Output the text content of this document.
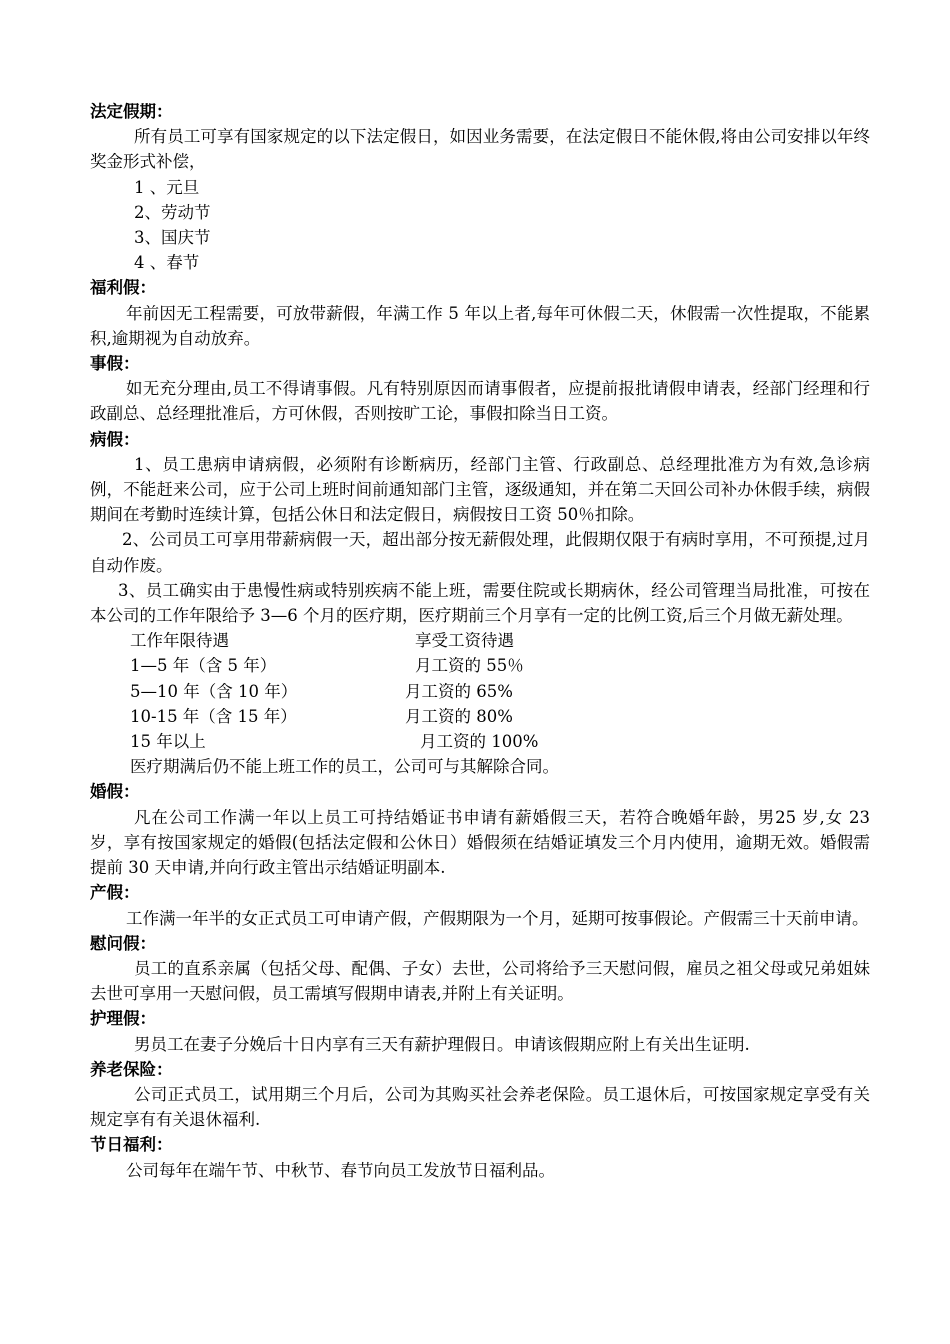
法定假期：
所有员工可享有国家规定的以下法定假日，如因业务需要，在法定假日不能休假,将由公司安排以年终奖金形式补偿，
1 、元旦
2、劳动节
3、国庆节
4 、春节
福利假：
年前因无工程需要，可放带薪假，年满工作 5 年以上者,每年可休假二天，休假需一次性提取，不能累积,逾期视为自动放弃。
事假：
如无充分理由,员工不得请事假。凡有特别原因而请事假者，应提前报批请假申请表，经部门经理和行政副总、总经理批准后，方可休假，否则按旷工论，事假扣除当日工资。
病假：
1、员工患病申请病假，必须附有诊断病历，经部门主管、行政副总、总经理批准方为有效,急诊病例，不能赶来公司，应于公司上班时间前通知部门主管，逐级通知，并在第二天回公司补办休假手续，病假期间在考勤时连续计算，包括公休日和法定假日，病假按日工资 50％扣除。
2、公司员工可享用带薪病假一天，超出部分按无薪假处理，此假期仅限于有病时享用，不可预提,过月自动作废。
3、员工确实由于患慢性病或特别疾病不能上班，需要住院或长期病休，经公司管理当局批准，可按在本公司的工作年限给予 3—6 个月的医疗期，医疗期前三个月享有一定的比例工资,后三个月做无薪处理。
工作年限待遇	享受工资待遇
1—5 年（含 5 年）	月工资的 55％
5—10 年（含 10 年）	月工资的 65%
10-15 年（含 15 年）	月工资的 80%
15 年以上	月工资的 100%
医疗期满后仍不能上班工作的员工，公司可与其解除合同。
婚假：
凡在公司工作满一年以上员工可持结婚证书申请有薪婚假三天，若符合晚婚年龄，男25 岁,女 23 岁，享有按国家规定的婚假(包括法定假和公休日）婚假须在结婚证填发三个月内使用，逾期无效。婚假需提前 30 天申请,并向行政主管出示结婚证明副本.
产假：
工作满一年半的女正式员工可申请产假，产假期限为一个月，延期可按事假论。产假需三十天前申请。
慰问假：
员工的直系亲属（包括父母、配偶、子女）去世，公司将给予三天慰问假，雇员之祖父母或兄弟姐妹去世可享用一天慰问假，员工需填写假期申请表,并附上有关证明。
护理假：
男员工在妻子分娩后十日内享有三天有薪护理假日。申请该假期应附上有关出生证明.
养老保险：
公司正式员工，试用期三个月后，公司为其购买社会养老保险。员工退休后，可按国家规定享受有关规定享有有关退休福利.
节日福利：
公司每年在端午节、中秋节、春节向员工发放节日福利品。
